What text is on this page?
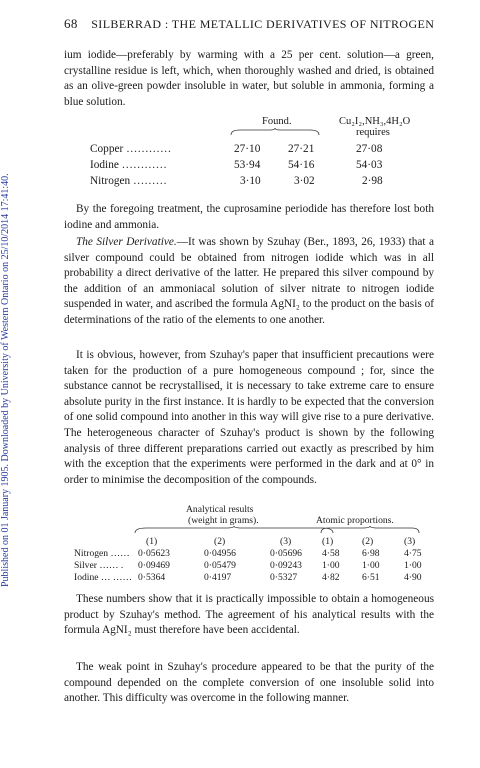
Published on 01 January 1905. Downloaded by University of Western Ontario on 25/10/2014 17:41:40.
68 SILBERRAD : THE METALLIC DERIVATIVES OF NITROGEN
ium iodide—preferably by warming with a 25 per cent. solution—a green, crystalline residue is left, which, when thoroughly washed and dried, is obtained as an olive-green powder insoluble in water, but soluble in ammonia, forming a blue solution.
Found.	Cu₂I₂,NH₃,4H₂O
requires
Copper …………	27·10 27·21	27·08
Iodine …………	53·94 54·16	54·03
Nitrogen ………	3·10	3·02	2·98
By the foregoing treatment, the cuprosamine periodide has therefore lost both iodine and ammonia.
The Silver Derivative.—It was shown by Szuhay (Ber., 1893, 26, 1933) that a silver compound could be obtained from nitrogen iodide which was in all probability a direct derivative of the latter. He prepared this silver compound by the addition of an ammoniacal solution of silver nitrate to nitrogen iodide suspended in water, and ascribed the formula AgNI₂ to the product on the basis of determinations of the ratio of the elements to one another.
It is obvious, however, from Szuhay's paper that insufficient precautions were taken for the production of a pure homogeneous compound ; for, since the substance cannot be recrystallised, it is necessary to take extreme care to ensure absolute purity in the first instance. It is hardly to be expected that the conversion of one solid compound into another in this way will give rise to a pure derivative. The heterogeneous character of Szuhay's product is shown by the following analysis of three different preparations carried out exactly as prescribed by him with the exception that the experiments were performed in the dark and at 0° in order to minimise the decomposition of the compounds.
Analytical results
(weight in grams).	Atomic proportions.
(1)	(2)	(3)	(1)	(2)	(3)
Nitrogen …… 0·05623	0·04956	0·05696 4·58 6·98	4·75
Silver …… . 0·09469	0·05479	0·09243 1·00 1·00	1·00
Iodine … …… 0·5364	0·4197	0·5327	4·82 6·51	4·90
These numbers show that it is practically impossible to obtain a homogeneous product by Szuhay's method. The agreement of his analytical results with the formula AgNI₂ must therefore have been accidental.
The weak point in Szuhay's procedure appeared to be that the purity of the compound depended on the complete conversion of one insoluble solid into another. This difficulty was overcome in the following manner.
